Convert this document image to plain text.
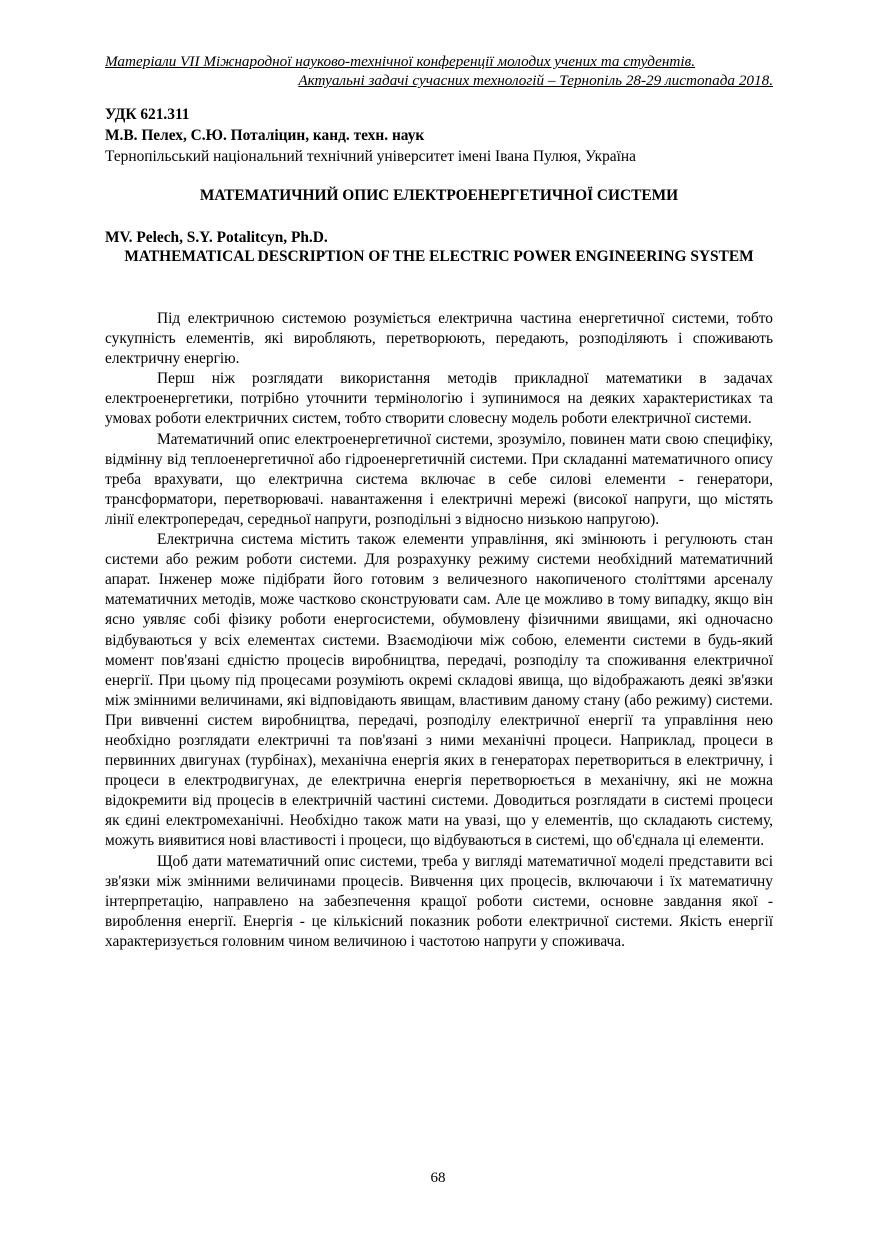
Матеріали VII Міжнародної науково-технічної конференції молодих учених та студентів.
Актуальні задачі сучасних технологій – Тернопіль 28-29 листопада 2018.
УДК 621.311
М.В. Пелех, С.Ю. Поталіцин, канд. техн. наук
Тернопільський національний технічний університет імені Івана Пулюя, Україна
МАТЕМАТИЧНИЙ ОПИС ЕЛЕКТРОЕНЕРГЕТИЧНОЇ СИСТЕМИ
MV. Pelech, S.Y. Potalitcyn, Ph.D.
MATHEMATICAL DESCRIPTION OF THE ELECTRIC POWER ENGINEERING SYSTEM

Під електричною системою розуміється електрична частина енергетичної системи, тобто сукупність елементів, які виробляють, перетворюють, передають, розподіляють і споживають електричну енергію.

Перш ніж розглядати використання методів прикладної математики в задачах електроенергетики, потрібно уточнити термінологію і зупинимося на деяких характеристиках та умовах роботи електричних систем, тобто створити словесну модель роботи електричної системи.

Математичний опис електроенергетичної системи, зрозуміло, повинен мати свою специфіку, відмінну від теплоенергетичної або гідроенергетичній системи. При складанні математичного опису треба врахувати, що електрична система включає в себе силові елементи - генератори, трансформатори, перетворювачі. навантаження і електричні мережі (високої напруги, що містять лінії електропередач, середньої напруги, розподільні з відносно низькою напругою).

Електрична система містить також елементи управління, які змінюють і регулюють стан системи або режим роботи системи. Для розрахунку режиму системи необхідний математичний апарат. Інженер може підібрати його готовим з величезного накопиченого століттями арсеналу математичних методів, може частково сконструювати сам. Але це можливо в тому випадку, якщо він ясно уявляє собі фізику роботи енергосистеми, обумовлену фізичними явищами, які одночасно відбуваються у всіх елементах системи. Взаємодіючи між собою, елементи системи в будь-який момент пов'язані єдністю процесів виробництва, передачі, розподілу та споживання електричної енергії. При цьому під процесами розуміють окремі складові явища, що відображають деякі зв'язки між змінними величинами, які відповідають явищам, властивим даному стану (або режиму) системи. При вивченні систем виробництва, передачі, розподілу електричної енергії та управління нею необхідно розглядати електричні та пов'язані з ними механічні процеси. Наприклад, процеси в первинних двигунах (турбінах), механічна енергія яких в генераторах перетвориться в електричну, і процеси в електродвигунах, де електрична енергія перетворюється в механічну, які не можна відокремити від процесів в електричній частині системи. Доводиться розглядати в системі процеси як єдині електромеханічні. Необхідно також мати на увазі, що у елементів, що складають систему, можуть виявитися нові властивості і процеси, що відбуваються в системі, що об'єднала ці елементи.

Щоб дати математичний опис системи, треба у вигляді математичної моделі представити всі зв'язки між змінними величинами процесів. Вивчення цих процесів, включаючи і їх математичну інтерпретацію, направлено на забезпечення кращої роботи системи, основне завдання якої - вироблення енергії. Енергія - це кількісний показник роботи електричної системи. Якість енергії характеризується головним чином величиною і частотою напруги у споживача.

68
